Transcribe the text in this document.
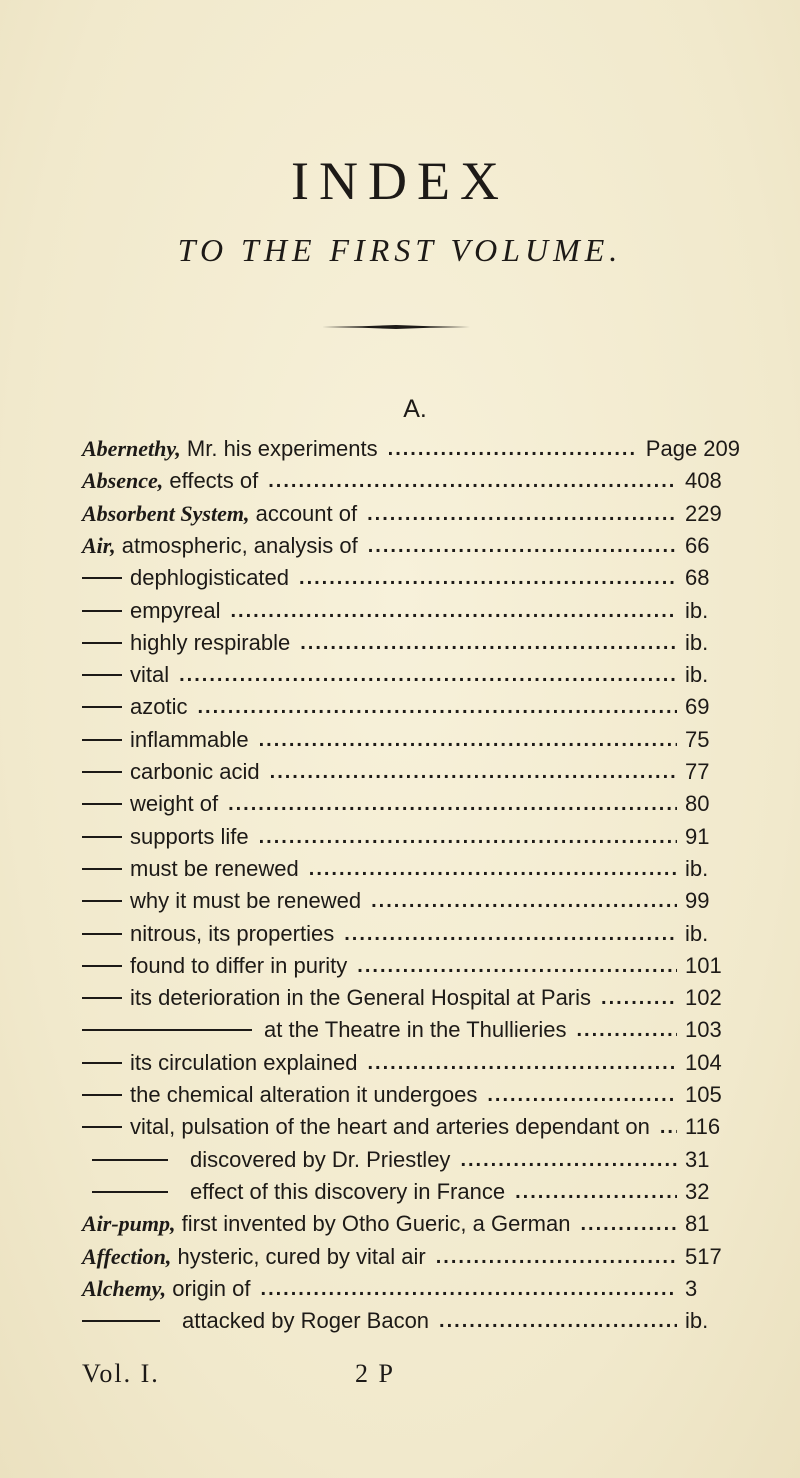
INDEX
TO THE FIRST VOLUME.
A.
Abernethy, Mr. his experiments .....	Page 209
Absence, effects of .....	408
Absorbent System, account of .....	229
Air, atmospheric, analysis of .....	66
dephlogisticated .....	68
empyreal .....	ib.
highly respirable .....	ib.
vital .....	ib.
azotic .....	69
inflammable .....	75
carbonic acid .....	77
weight of .....	80
supports life .....	91
must be renewed .....	ib.
why it must be renewed .....	99
nitrous, its properties .....	ib.
found to differ in purity .....	101
its deterioration in the General Hospital at Paris .....	102
at the Theatre in the Thullieries .....	103
its circulation explained .....	104
the chemical alteration it undergoes .....	105
vital, pulsation of the heart and arteries dependant on ..... 116
discovered by Dr. Priestley .....	31
effect of this discovery in France .....	32
Air-pump, first invented by Otho Gueric, a German .....	81
Affection, hysteric, cured by vital air .....	517
Alchemy, origin of .....	3
attacked by Roger Bacon .....	ib.
Vol. I.	2 P
